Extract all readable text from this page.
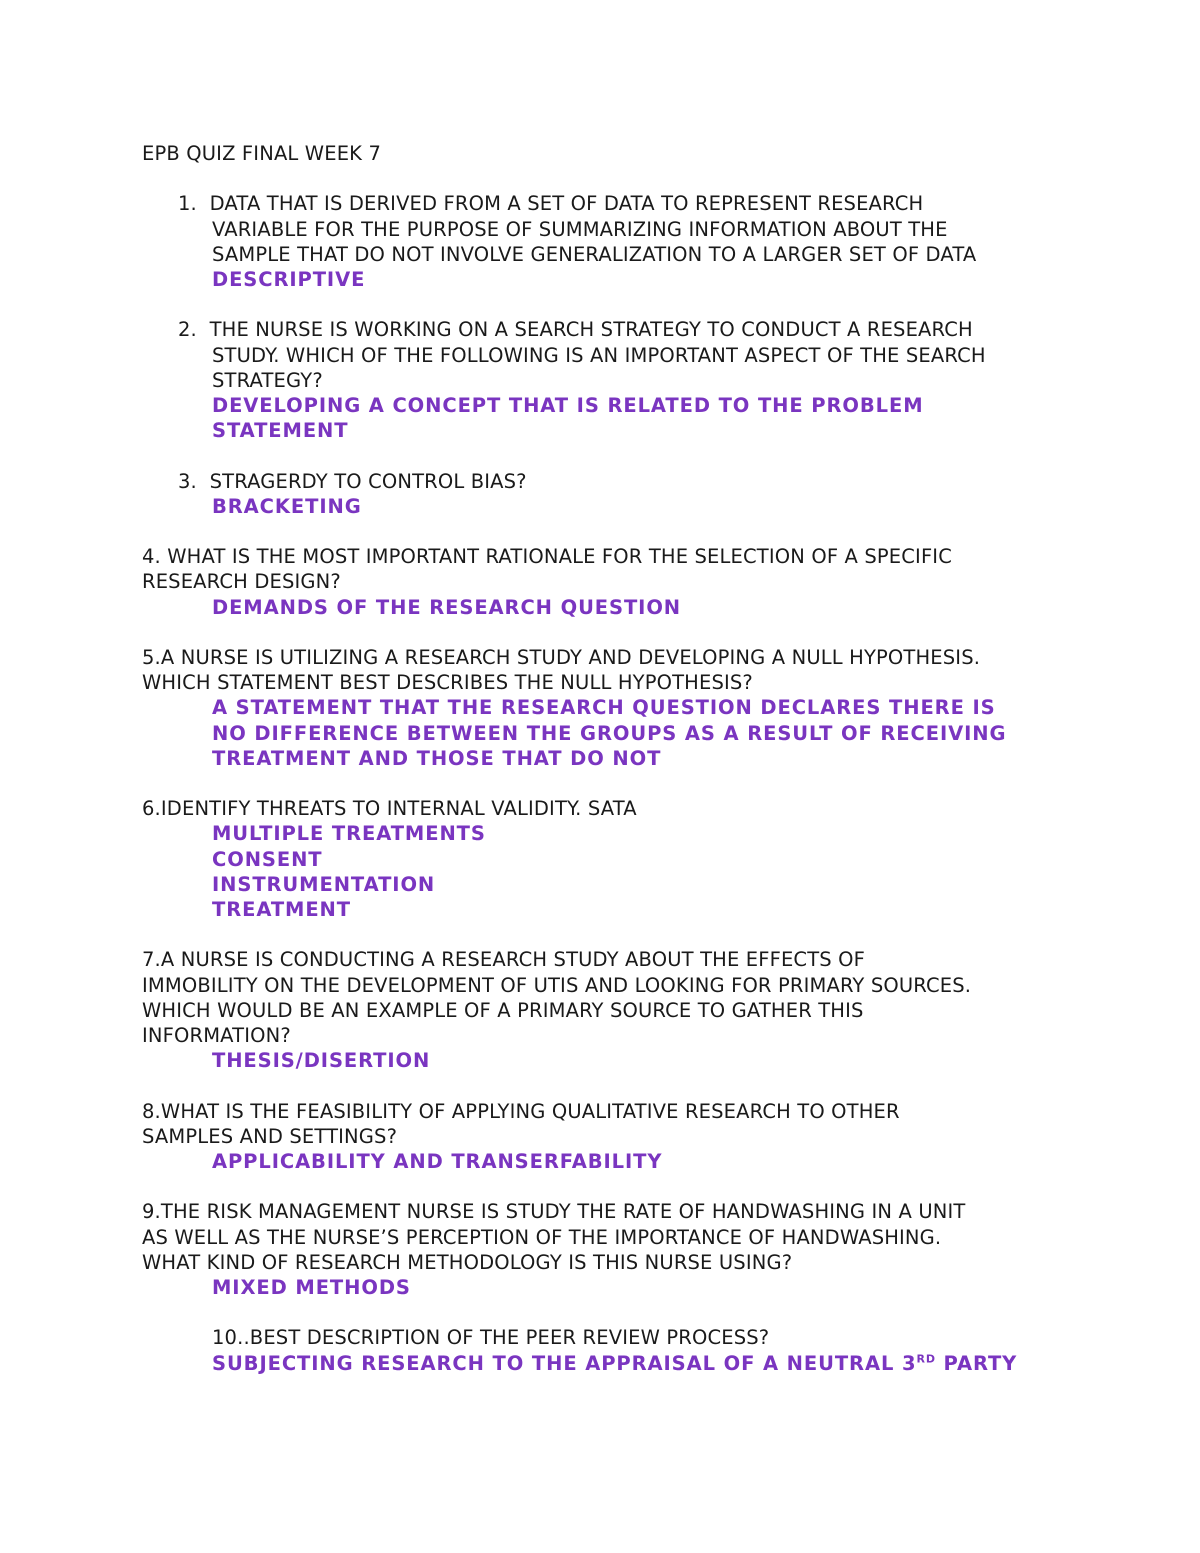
EPB QUIZ FINAL WEEK 7
1. DATA THAT IS DERIVED FROM A SET OF DATA TO REPRESENT RESEARCH
VARIABLE FOR THE PURPOSE OF SUMMARIZING INFORMATION ABOUT THE
SAMPLE THAT DO NOT INVOLVE GENERALIZATION TO A LARGER SET OF DATA
DESCRIPTIVE
2. THE NURSE IS WORKING ON A SEARCH STRATEGY TO CONDUCT A RESEARCH
STUDY. WHICH OF THE FOLLOWING IS AN IMPORTANT ASPECT OF THE SEARCH
STRATEGY?
DEVELOPING A CONCEPT THAT IS RELATED TO THE PROBLEM
STATEMENT
3. STRAGERDY TO CONTROL BIAS?
BRACKETING
4. WHAT IS THE MOST IMPORTANT RATIONALE FOR THE SELECTION OF A SPECIFIC
RESEARCH DESIGN?
DEMANDS OF THE RESEARCH QUESTION
5.A NURSE IS UTILIZING A RESEARCH STUDY AND DEVELOPING A NULL HYPOTHESIS.
WHICH STATEMENT BEST DESCRIBES THE NULL HYPOTHESIS?
A STATEMENT THAT THE RESEARCH QUESTION DECLARES THERE IS
NO DIFFERENCE BETWEEN THE GROUPS AS A RESULT OF RECEIVING
TREATMENT AND THOSE THAT DO NOT
6.IDENTIFY THREATS TO INTERNAL VALIDITY. SATA
MULTIPLE TREATMENTS
CONSENT
INSTRUMENTATION
TREATMENT
7.A NURSE IS CONDUCTING A RESEARCH STUDY ABOUT THE EFFECTS OF
IMMOBILITY ON THE DEVELOPMENT OF UTIS AND LOOKING FOR PRIMARY SOURCES.
WHICH WOULD BE AN EXAMPLE OF A PRIMARY SOURCE TO GATHER THIS
INFORMATION?
THESIS/DISERTION
8.WHAT IS THE FEASIBILITY OF APPLYING QUALITATIVE RESEARCH TO OTHER
SAMPLES AND SETTINGS?
APPLICABILITY AND TRANSERFABILITY
9.THE RISK MANAGEMENT NURSE IS STUDY THE RATE OF HANDWASHING IN A UNIT
AS WELL AS THE NURSE’S PERCEPTION OF THE IMPORTANCE OF HANDWASHING.
WHAT KIND OF RESEARCH METHODOLOGY IS THIS NURSE USING?
MIXED METHODS
10..BEST DESCRIPTION OF THE PEER REVIEW PROCESS?
SUBJECTING RESEARCH TO THE APPRAISAL OF A NEUTRAL 3RD PARTY
